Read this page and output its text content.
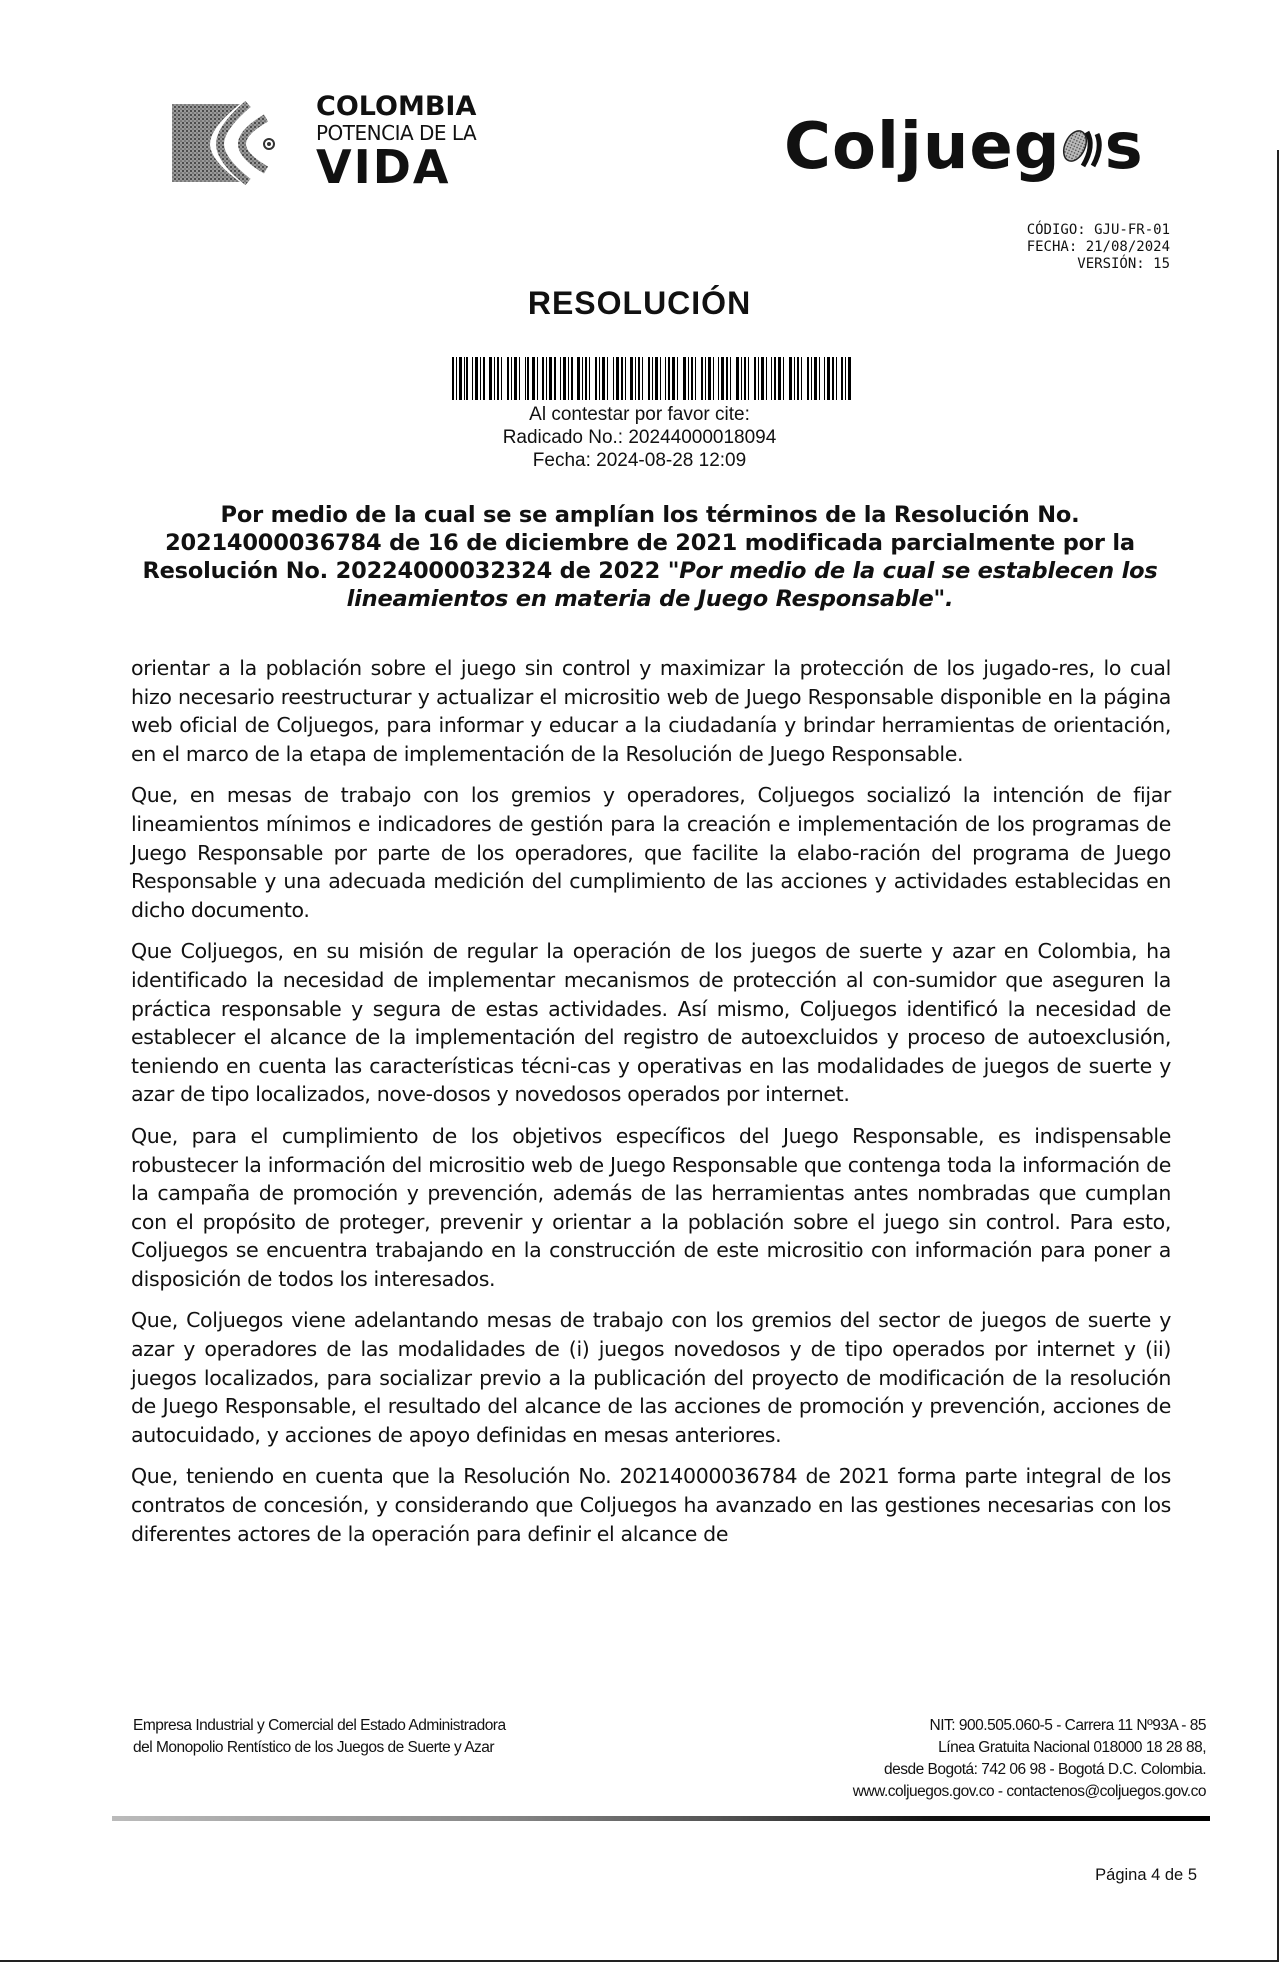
COLOMBIA
POTENCIA DE LA
VIDA	Coljueg s
CÓDIGO: GJU-FR-01
FECHA: 21/08/2024
VERSIÓN: 15
RESOLUCIÓN
Al contestar por favor cite:
Radicado No.: 20244000018094
Fecha: 2024-08-28 12:09
Por medio de la cual se se amplían los términos de la Resolución No. 20214000036784 de 16 de diciembre de 2021 modificada parcialmente por la Resolución No. 20224000032324 de 2022 "Por medio de la cual se establecen los lineamientos en materia de Juego Responsable".

orientar a la población sobre el juego sin control y maximizar la protección de los jugado-res, lo cual hizo necesario reestructurar y actualizar el micrositio web de Juego Responsable disponible en la página web oficial de Coljuegos, para informar y educar a la ciudadanía y brindar herramientas de orientación, en el marco de la etapa de implementación de la Resolución de Juego Responsable.

Que, en mesas de trabajo con los gremios y operadores, Coljuegos socializó la intención de fijar lineamientos mínimos e indicadores de gestión para la creación e implementación de los programas de Juego Responsable por parte de los operadores, que facilite la elabo-ración del programa de Juego Responsable y una adecuada medición del cumplimiento de las acciones y actividades establecidas en dicho documento.

Que Coljuegos, en su misión de regular la operación de los juegos de suerte y azar en Colombia, ha identificado la necesidad de implementar mecanismos de protección al con-sumidor que aseguren la práctica responsable y segura de estas actividades. Así mismo, Coljuegos identificó la necesidad de establecer el alcance de la implementación del registro de autoexcluidos y proceso de autoexclusión, teniendo en cuenta las características técni-cas y operativas en las modalidades de juegos de suerte y azar de tipo localizados, nove-dosos y novedosos operados por internet.

Que, para el cumplimiento de los objetivos específicos del Juego Responsable, es indispensable robustecer la información del micrositio web de Juego Responsable que contenga toda la información de la campaña de promoción y prevención, además de las herramientas antes nombradas que cumplan con el propósito de proteger, prevenir y orientar a la población sobre el juego sin control. Para esto, Coljuegos se encuentra trabajando en la construcción de este micrositio con información para poner a disposición de todos los interesados.

Que, Coljuegos viene adelantando mesas de trabajo con los gremios del sector de juegos de suerte y azar y operadores de las modalidades de (i) juegos novedosos y de tipo operados por internet y (ii) juegos localizados, para socializar previo a la publicación del proyecto de modificación de la resolución de Juego Responsable, el resultado del alcance de las acciones de promoción y prevención, acciones de autocuidado, y acciones de apoyo definidas en mesas anteriores.

Que, teniendo en cuenta que la Resolución No. 20214000036784 de 2021 forma parte integral de los contratos de concesión, y considerando que Coljuegos ha avanzado en las gestiones necesarias con los diferentes actores de la operación para definir el alcance de

Empresa Industrial y Comercial del Estado Administradora
del Monopolio Rentístico de los Juegos de Suerte y Azar
NIT: 900.505.060-5 - Carrera 11 Nº93A - 85
Línea Gratuita Nacional 018000 18 28 88,
desde Bogotá: 742 06 98 - Bogotá D.C. Colombia.
www.coljuegos.gov.co - contactenos@coljuegos.gov.co
Página 4 de 5
